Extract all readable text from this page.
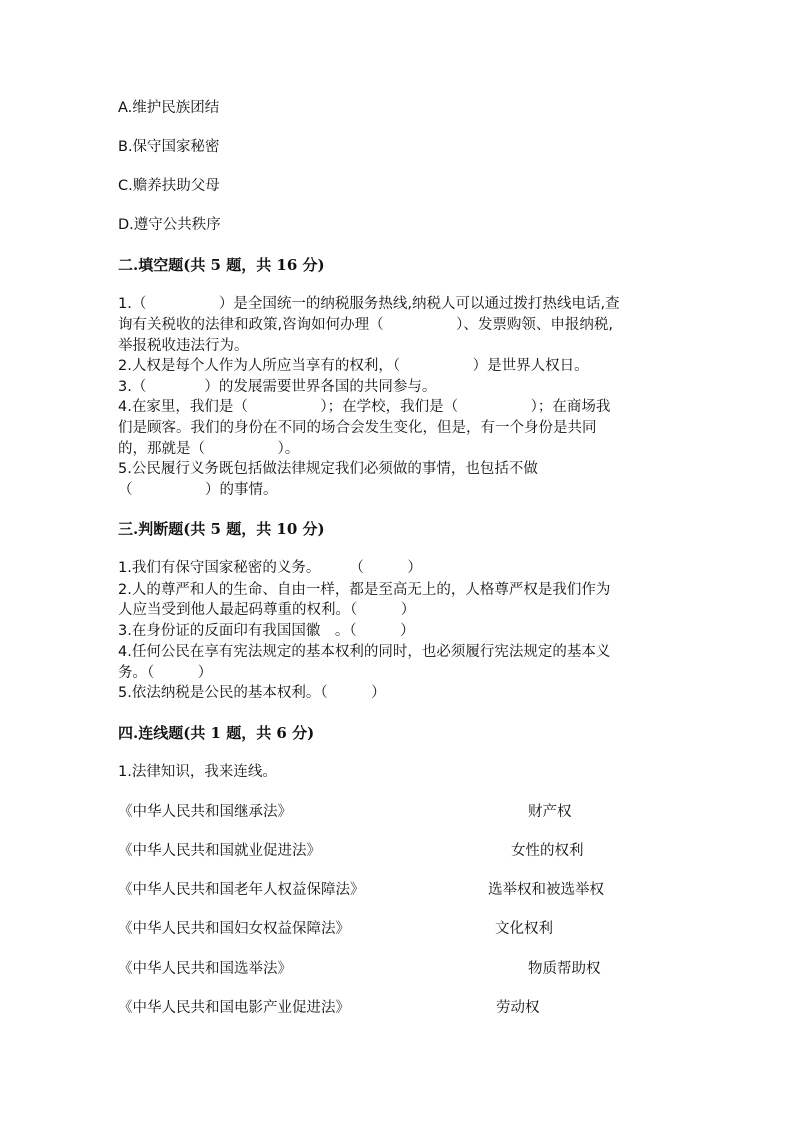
A.维护民族团结
B.保守国家秘密
C.赡养扶助父母
D.遵守公共秩序
二.填空题(共 5 题，共 16 分)
1.（　　　　　）是全国统一的纳税服务热线,纳税人可以通过拨打热线电话,查
询有关税收的法律和政策,咨询如何办理（　　　　　）、发票购领、申报纳税,
举报税收违法行为。
2.人权是每个人作为人所应当享有的权利，（　　　　　）是世界人权日。
3.（　　　　）的发展需要世界各国的共同参与。
4.在家里，我们是（　　　　　）；在学校，我们是（　　　　　）；在商场我
们是顾客。我们的身份在不同的场合会发生变化，但是，有一个身份是共同
的，那就是（　　　　　）。
5.公民履行义务既包括做法律规定我们必须做的事情，也包括不做
（　　　　　）的事情。
三.判断题(共 5 题，共 10 分)
1.我们有保守国家秘密的义务。　　　（　　　）
2.人的尊严和人的生命、自由一样，都是至高无上的，人格尊严权是我们作为
人应当受到他人最起码尊重的权利。（　　　）
3.在身份证的反面印有我国国徽　。（　　　）
4.任何公民在享有宪法规定的基本权利的同时，也必须履行宪法规定的基本义
务。（　　　）
5.依法纳税是公民的基本权利。（　　　）
四.连线题(共 1 题，共 6 分)
1.法律知识，我来连线。
《中华人民共和国继承法》	财产权
《中华人民共和国就业促进法》	女性的权利
《中华人民共和国老年人权益保障法》	选举权和被选举权
《中华人民共和国妇女权益保障法》	文化权利
《中华人民共和国选举法》	物质帮助权
《中华人民共和国电影产业促进法》	劳动权
